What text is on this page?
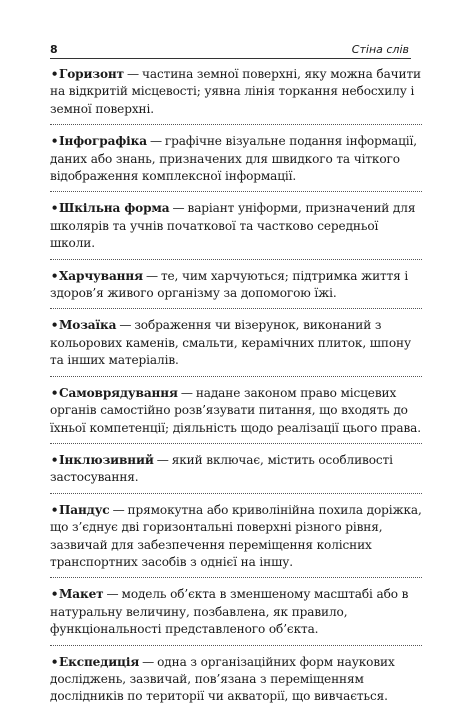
8	Стіна слів
•Горизонт — частина земної поверхні, яку можна бачити на відкритій місцевості; уявна лінія торкання небосхилу і земної поверхні.
•Інфографіка — графічне візуальне подання інформації, даних або знань, призначених для швидкого та чіткого відображення комплексної інформації.
•Шкільна форма — варіант уніформи, призначений для школярів та учнів початкової та частково середньої школи.
•Харчування — те, чим харчуються; підтримка життя і здоров’я живого організму за допомогою їжі.
•Мозаїка — зображення чи візерунок, виконаний з кольорових каменів, смальти, керамічних плиток, шпону та інших матеріалів.
•Самоврядування — надане законом право місцевих органів самостійно розв’язувати питання, що входять до їхньої компетенції; діяльність щодо реалізації цього права.
•Інклюзивний — який включає, містить особливості застосування.
•Пандус — прямокутна або криволінійна похила доріжка, що з’єднує дві горизонтальні поверхні різного рівня, зазвичай для забезпечення переміщення колісних транспортних засобів з однієї на іншу.
•Макет — модель об’єкта в зменшеному масштабі або в натуральну величину, позбавлена, як правило, функціональності представленого об’єкта.
•Експедиція — одна з організаційних форм наукових досліджень, зазвичай, пов’язана з переміщенням дослідників по території чи акваторії, що вивчається.
